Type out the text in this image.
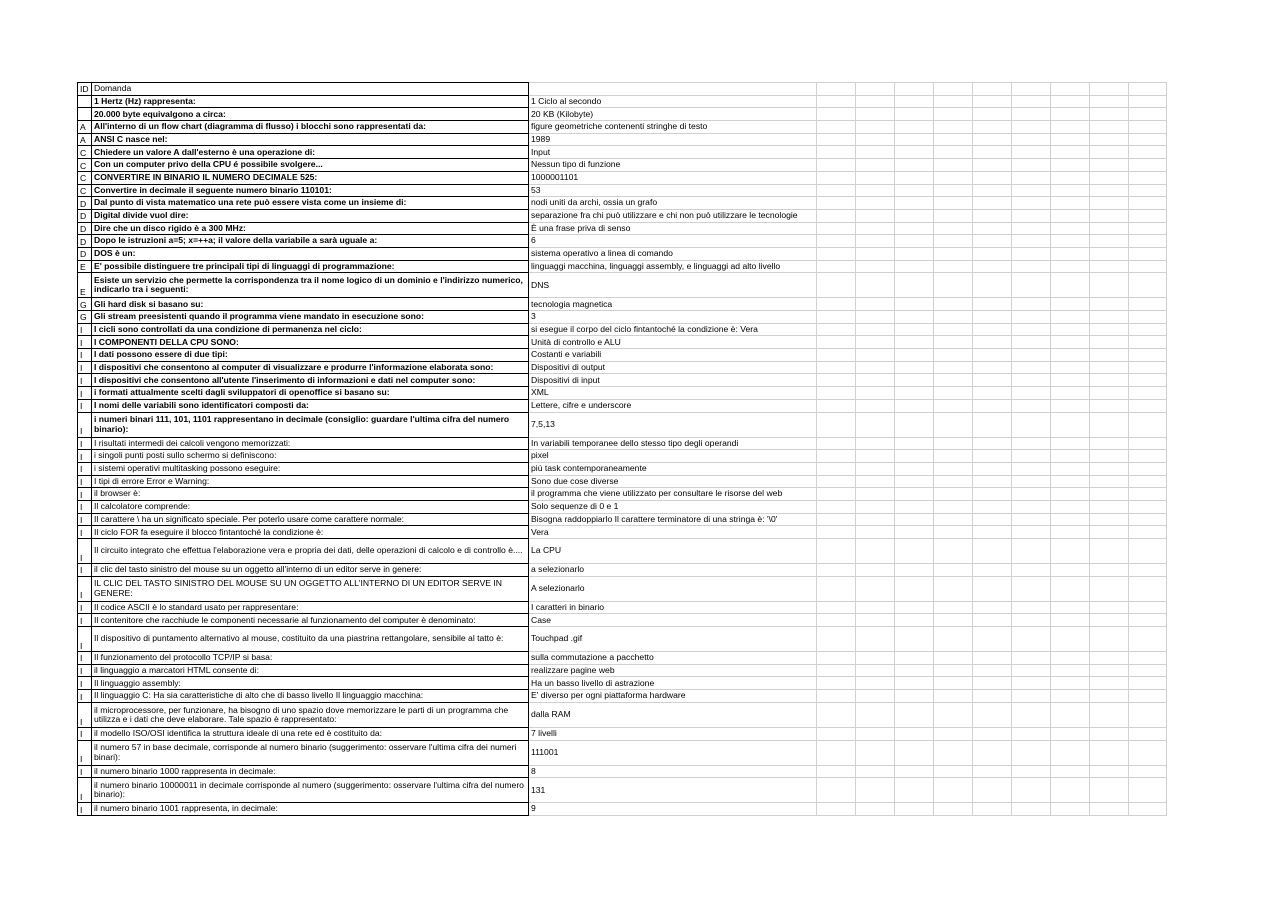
ID	Domanda										
	1 Hertz (Hz) rappresenta:	1 Ciclo al secondo									
	20.000 byte equivalgono a circa:	20 KB (Kilobyte)									
A	All'interno di un flow chart (diagramma di flusso) i blocchi sono rappresentati da:	figure geometriche contenenti stringhe di testo									
A	ANSI C nasce nel:	1989									
C	Chiedere un valore A dall'esterno è una operazione di:	Input									
C	Con un computer privo della CPU é possibile svolgere...	Nessun tipo di funzione									
C	CONVERTIRE IN BINARIO IL NUMERO DECIMALE 525:	1000001101									
C	Convertire in decimale il seguente numero binario 110101:	53									
D	Dal punto di vista matematico una rete può essere vista come un insieme di:	nodi uniti da archi, ossia un grafo									
D	Digital divide vuol dire:	separazione fra chi può utilizzare e chi non può utilizzare le tecnologie									
D	Dire che un disco rigido è a 300 MHz:	È una frase priva di senso									
D	Dopo le istruzioni a=5; x=++a; il valore della variabile a sarà uguale a:	6									
D	DOS è un:	sistema operativo a linea di comando									
E	E' possibile distinguere tre principali tipi di linguaggi di programmazione:	linguaggi macchina, linguaggi assembly, e linguaggi ad alto livello									
E	Esiste un servizio che permette la corrispondenza tra il nome logico di un dominio e l'indirizzo numerico, indicarlo tra i seguenti:	DNS									
G	Gli hard disk si basano su:	tecnologia magnetica									
G	Gli stream preesistenti quando il programma viene mandato in esecuzione sono:	3									
I	I cicli sono controllati da una condizione di permanenza nel ciclo:	si esegue il corpo del ciclo fintantoché la condizione è: Vera									
I	I COMPONENTI DELLA CPU SONO:	Unità di controllo e ALU									
I	I dati possono essere di due tipi:	Costanti e variabili									
I	I dispositivi che consentono al computer di visualizzare e produrre l'informazione elaborata sono:	Dispositivi di output									
I	I dispositivi che consentono all'utente l'inserimento di informazioni e dati nel computer sono:	Dispositivi di input									
I	i formati attualmente scelti dagli sviluppatori di openoffice si basano su:	XML									
I	I nomi delle variabili sono identificatori composti da:	Lettere, cifre e underscore									
I	i numeri binari 111, 101, 1101 rappresentano in decimale (consiglio: guardare l'ultima cifra del numero binario):	7,5,13									
I	I risultati intermedi dei calcoli vengono memorizzati:	In variabili temporanee dello stesso tipo degli operandi									
I	i singoli punti posti sullo schermo si definiscono:	pixel									
I	i sistemi operativi multitasking possono eseguire:	più task contemporaneamente									
I	I tipi di errore Error e Warning:	Sono due cose diverse									
I	il browser è:	il programma che viene utilizzato per consultare le risorse del web									
I	Il calcolatore comprende:	Solo sequenze di 0 e 1									
I	Il carattere \ ha un significato speciale. Per poterlo usare come carattere normale:	Bisogna raddoppiarlo Il carattere terminatore di una stringa è: '\0'									
I	Il ciclo FOR fa eseguire il blocco fintantoché la condizione è:	Vera									
I	Il circuito integrato che effettua l'elaborazione vera e propria dei dati, delle operazioni di calcolo e di controllo è....	La CPU									
I	il clic del tasto sinistro del mouse su un oggetto all'interno di un editor serve in genere:	a selezionarlo									
I	IL CLIC DEL TASTO SINISTRO DEL MOUSE SU UN OGGETTO ALL'INTERNO DI UN EDITOR SERVE IN GENERE:	A selezionarlo									
I	Il codice ASCII è lo standard usato per rappresentare:	I caratteri in binario									
I	Il contenitore che racchiude le componenti necessarie al funzionamento del computer è denominato:	Case									
I	Il dispositivo di puntamento alternativo al mouse, costituito da una piastrina rettangolare, sensibile al tatto è:	Touchpad .gif									
I	Il funzionamento del protocollo TCP/IP si basa:	sulla commutazione a pacchetto									
I	il linguaggio a marcatori HTML consente di:	realizzare pagine web									
I	Il linguaggio assembly:	Ha un basso livello di astrazione									
I	Il linguaggio C: Ha sia caratteristiche di alto che di basso livello Il linguaggio macchina:	E' diverso per ogni piattaforma hardware									
I	il microprocessore, per funzionare, ha bisogno di uno spazio dove memorizzare le parti di un programma che utilizza e i dati che deve elaborare. Tale spazio è rappresentato:	dalla RAM									
I	il modello ISO/OSI identifica la struttura ideale di una rete ed è costituito da:	7 livelli									
I	il numero 57 in base decimale, corrisponde al numero binario (suggerimento: osservare l'ultima cifra dei numeri binari):	111001									
I	il numero binario 1000 rappresenta in decimale:	8									
I	il numero binario 10000011 in decimale corrisponde al numero (suggerimento: osservare l'ultima cifra del numero binario):	131									
I	il numero binario 1001 rappresenta, in decimale:	9									
